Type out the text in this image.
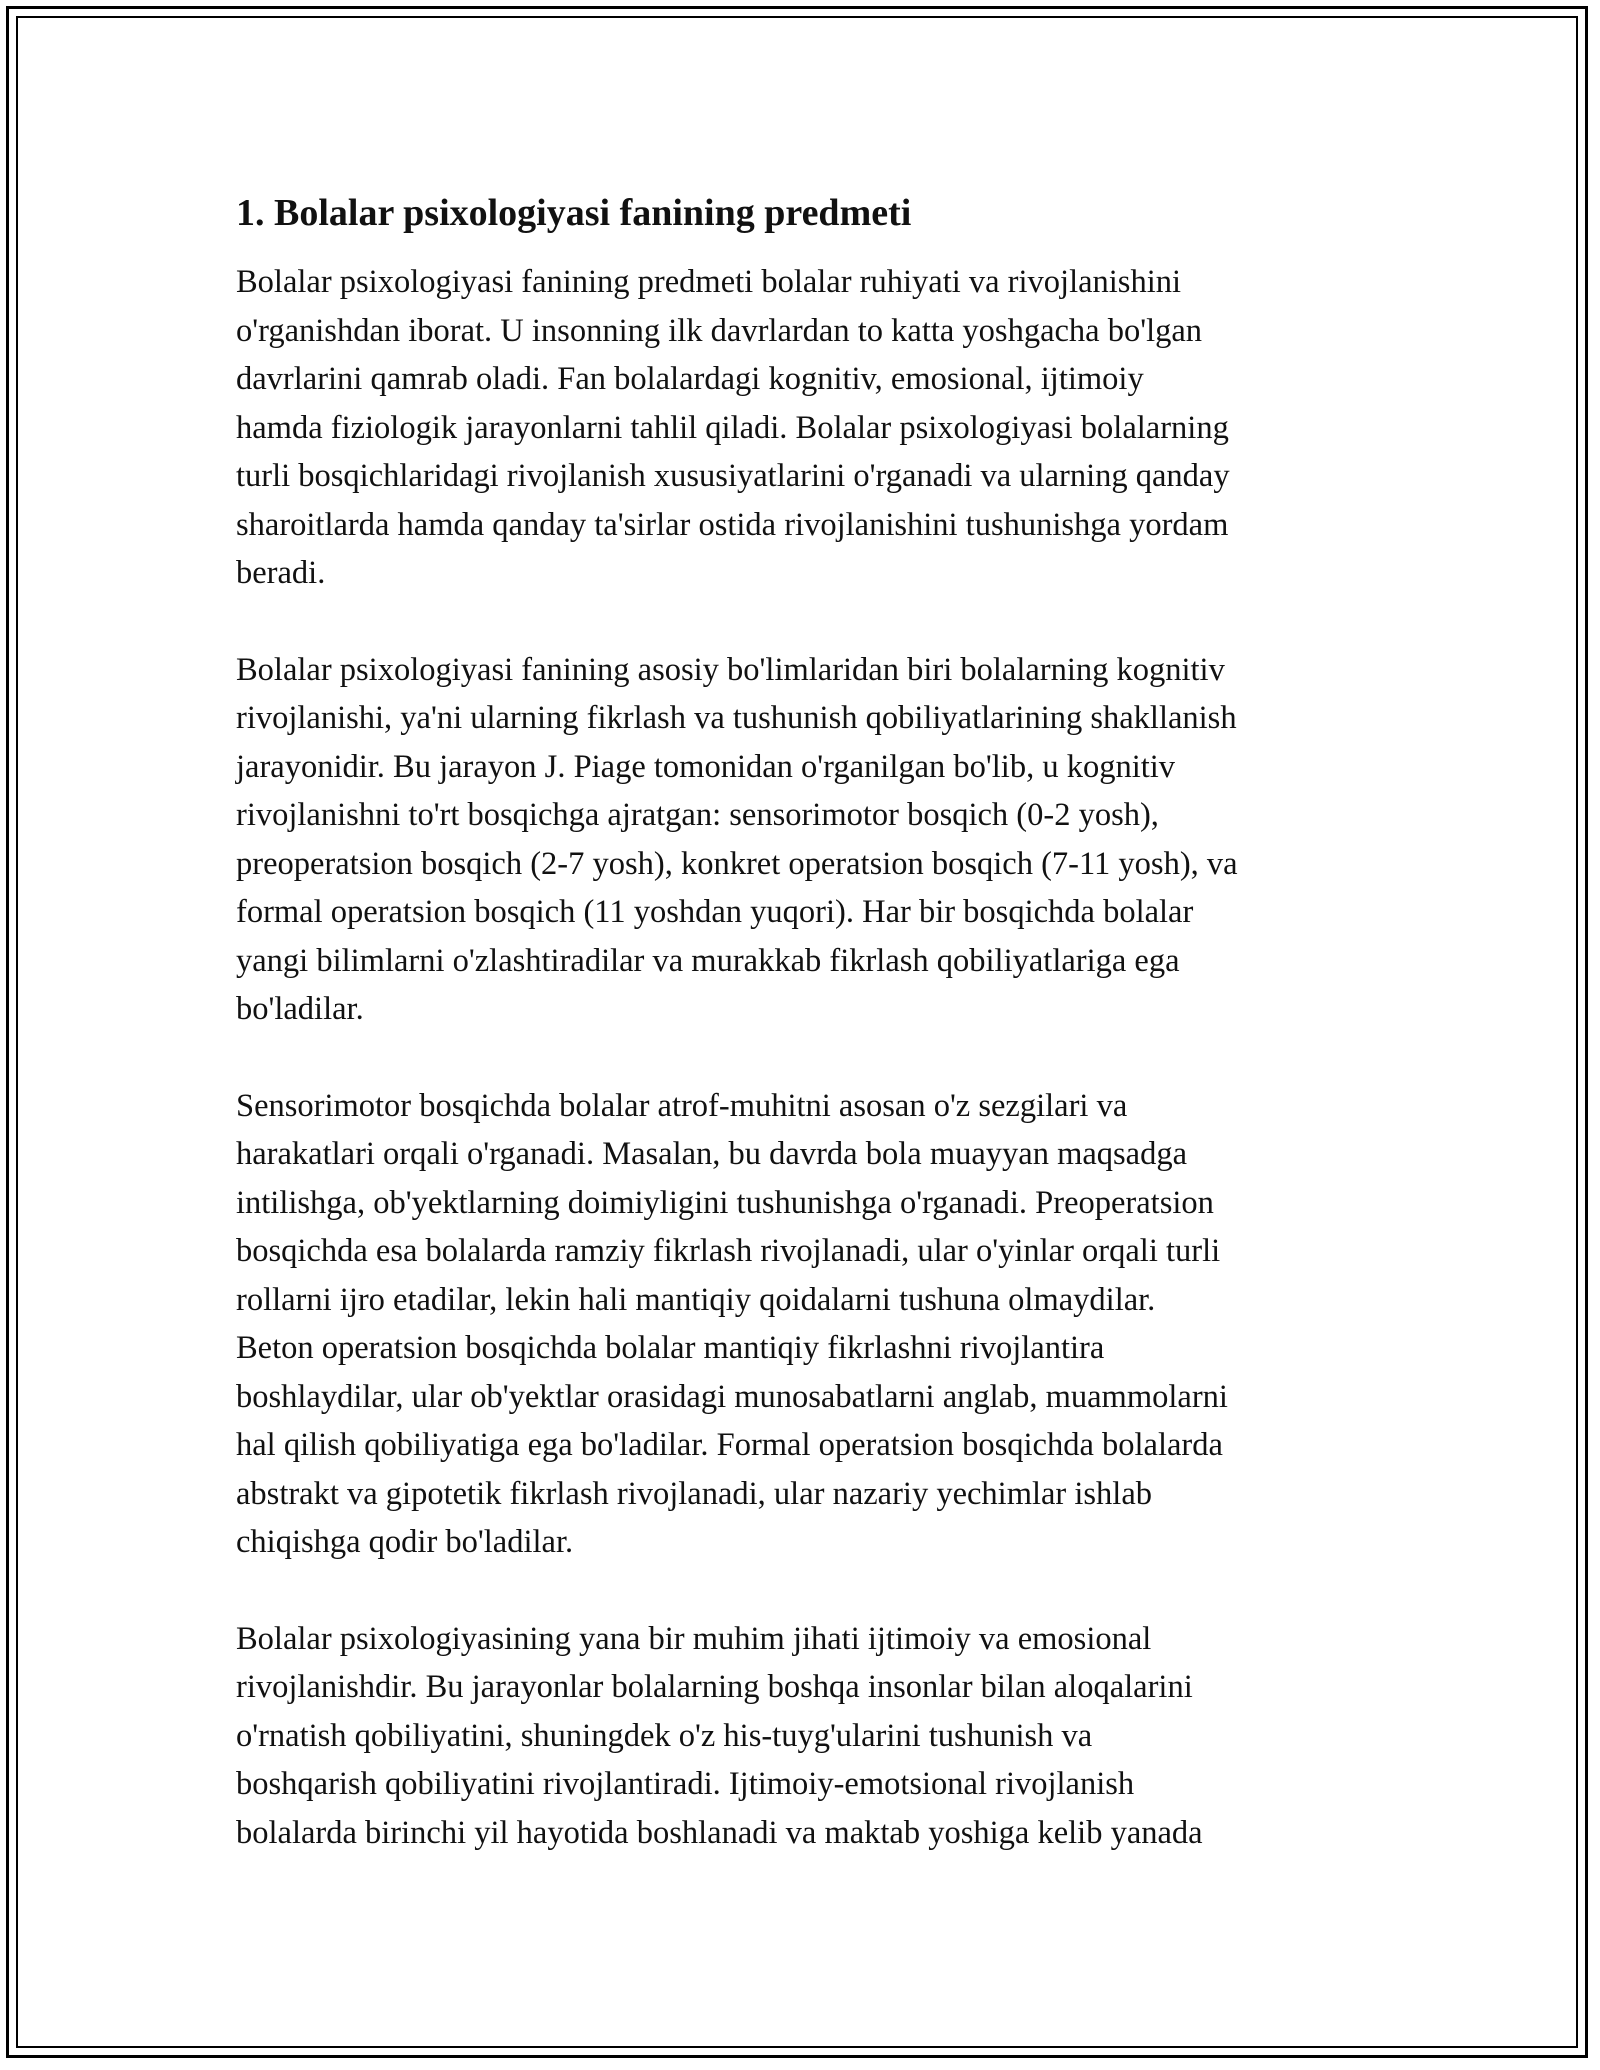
1. Bolalar psixologiyasi fanining predmeti

Bolalar psixologiyasi fanining predmeti bolalar ruhiyati va rivojlanishini
o'rganishdan iborat. U insonning ilk davrlardan to katta yoshgacha bo'lgan
davrlarini qamrab oladi. Fan bolalardagi kognitiv, emosional, ijtimoiy
hamda fiziologik jarayonlarni tahlil qiladi. Bolalar psixologiyasi bolalarning
turli bosqichlaridagi rivojlanish xususiyatlarini o'rganadi va ularning qanday
sharoitlarda hamda qanday ta'sirlar ostida rivojlanishini tushunishga yordam
beradi.

Bolalar psixologiyasi fanining asosiy bo'limlaridan biri bolalarning kognitiv
rivojlanishi, ya'ni ularning fikrlash va tushunish qobiliyatlarining shakllanish
jarayonidir. Bu jarayon J. Piage tomonidan o'rganilgan bo'lib, u kognitiv
rivojlanishni to'rt bosqichga ajratgan: sensorimotor bosqich (0-2 yosh),
preoperatsion bosqich (2-7 yosh), konkret operatsion bosqich (7-11 yosh), va
formal operatsion bosqich (11 yoshdan yuqori). Har bir bosqichda bolalar
yangi bilimlarni o'zlashtiradilar va murakkab fikrlash qobiliyatlariga ega
bo'ladilar.

Sensorimotor bosqichda bolalar atrof-muhitni asosan o'z sezgilari va
harakatlari orqali o'rganadi. Masalan, bu davrda bola muayyan maqsadga
intilishga, ob'yektlarning doimiyligini tushunishga o'rganadi. Preoperatsion
bosqichda esa bolalarda ramziy fikrlash rivojlanadi, ular o'yinlar orqali turli
rollarni ijro etadilar, lekin hali mantiqiy qoidalarni tushuna olmaydilar.
Beton operatsion bosqichda bolalar mantiqiy fikrlashni rivojlantira
boshlaydilar, ular ob'yektlar orasidagi munosabatlarni anglab, muammolarni
hal qilish qobiliyatiga ega bo'ladilar. Formal operatsion bosqichda bolalarda
abstrakt va gipotetik fikrlash rivojlanadi, ular nazariy yechimlar ishlab
chiqishga qodir bo'ladilar.

Bolalar psixologiyasining yana bir muhim jihati ijtimoiy va emosional
rivojlanishdir. Bu jarayonlar bolalarning boshqa insonlar bilan aloqalarini
o'rnatish qobiliyatini, shuningdek o'z his-tuyg'ularini tushunish va
boshqarish qobiliyatini rivojlantiradi. Ijtimoiy-emotsional rivojlanish
bolalarda birinchi yil hayotida boshlanadi va maktab yoshiga kelib yanada
